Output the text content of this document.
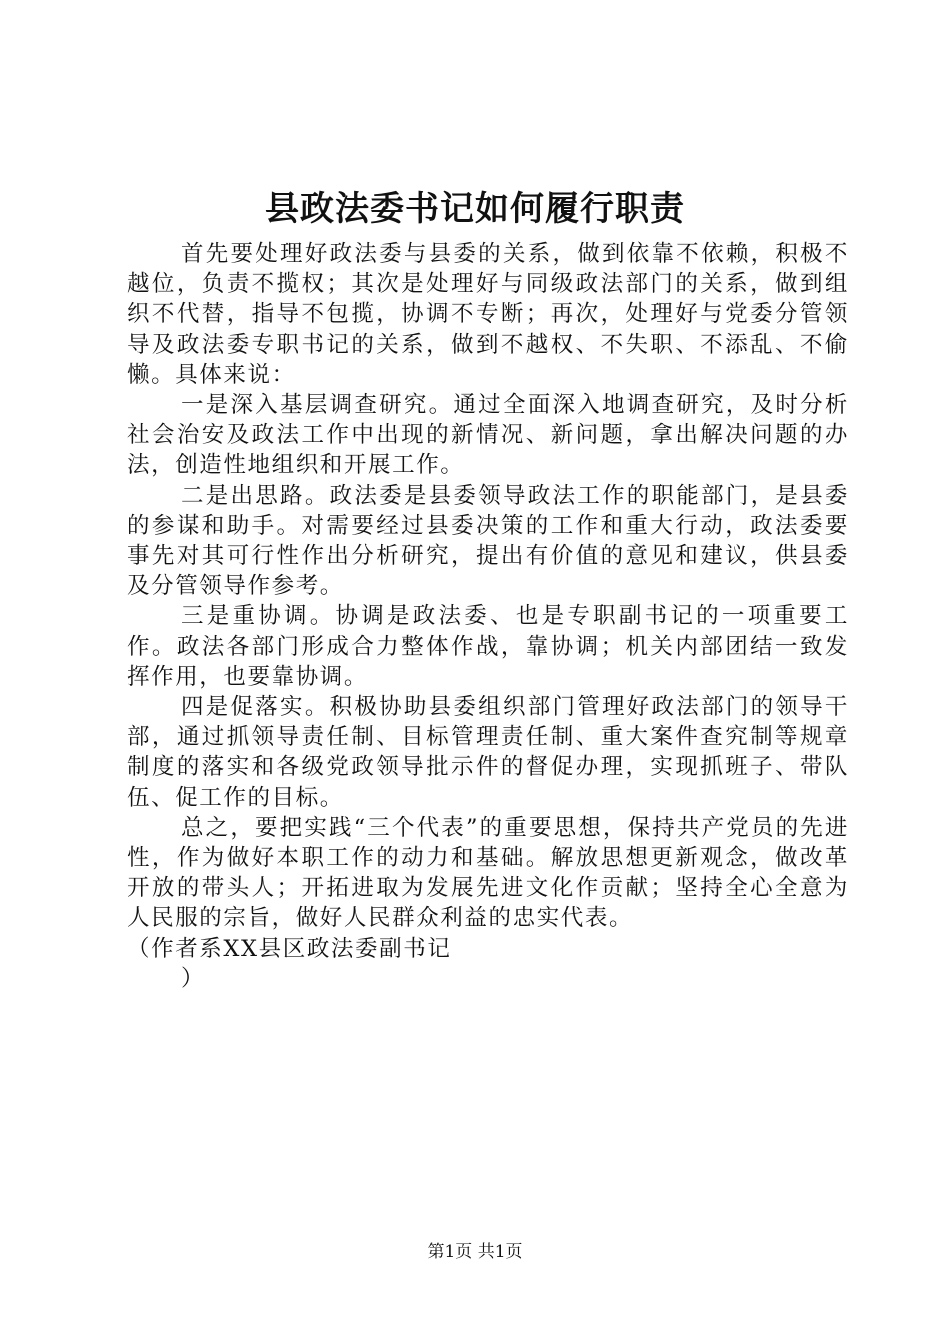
县政法委书记如何履行职责

首先要处理好政法委与县委的关系，做到依靠不依赖，积极不越位，负责不揽权；其次是处理好与同级政法部门的关系，做到组织不代替，指导不包揽，协调不专断；再次，处理好与党委分管领导及政法委专职书记的关系，做到不越权、不失职、不添乱、不偷懒。具体来说：

一是深入基层调查研究。通过全面深入地调查研究，及时分析社会治安及政法工作中出现的新情况、新问题，拿出解决问题的办法，创造性地组织和开展工作。

二是出思路。政法委是县委领导政法工作的职能部门，是县委的参谋和助手。对需要经过县委决策的工作和重大行动，政法委要事先对其可行性作出分析研究，提出有价值的意见和建议，供县委及分管领导作参考。

三是重协调。协调是政法委、也是专职副书记的一项重要工作。政法各部门形成合力整体作战，靠协调；机关内部团结一致发挥作用，也要靠协调。

四是促落实。积极协助县委组织部门管理好政法部门的领导干部，通过抓领导责任制、目标管理责任制、重大案件查究制等规章制度的落实和各级党政领导批示件的督促办理，实现抓班子、带队伍、促工作的目标。

总之，要把实践“三个代表”的重要思想，保持共产党员的先进性，作为做好本职工作的动力和基础。解放思想更新观念，做改革开放的带头人；开拓进取为发展先进文化作贡献；坚持全心全意为人民服的宗旨，做好人民群众利益的忠实代表。

（作者系XX县区政法委副书记

）

第1页 共1页
